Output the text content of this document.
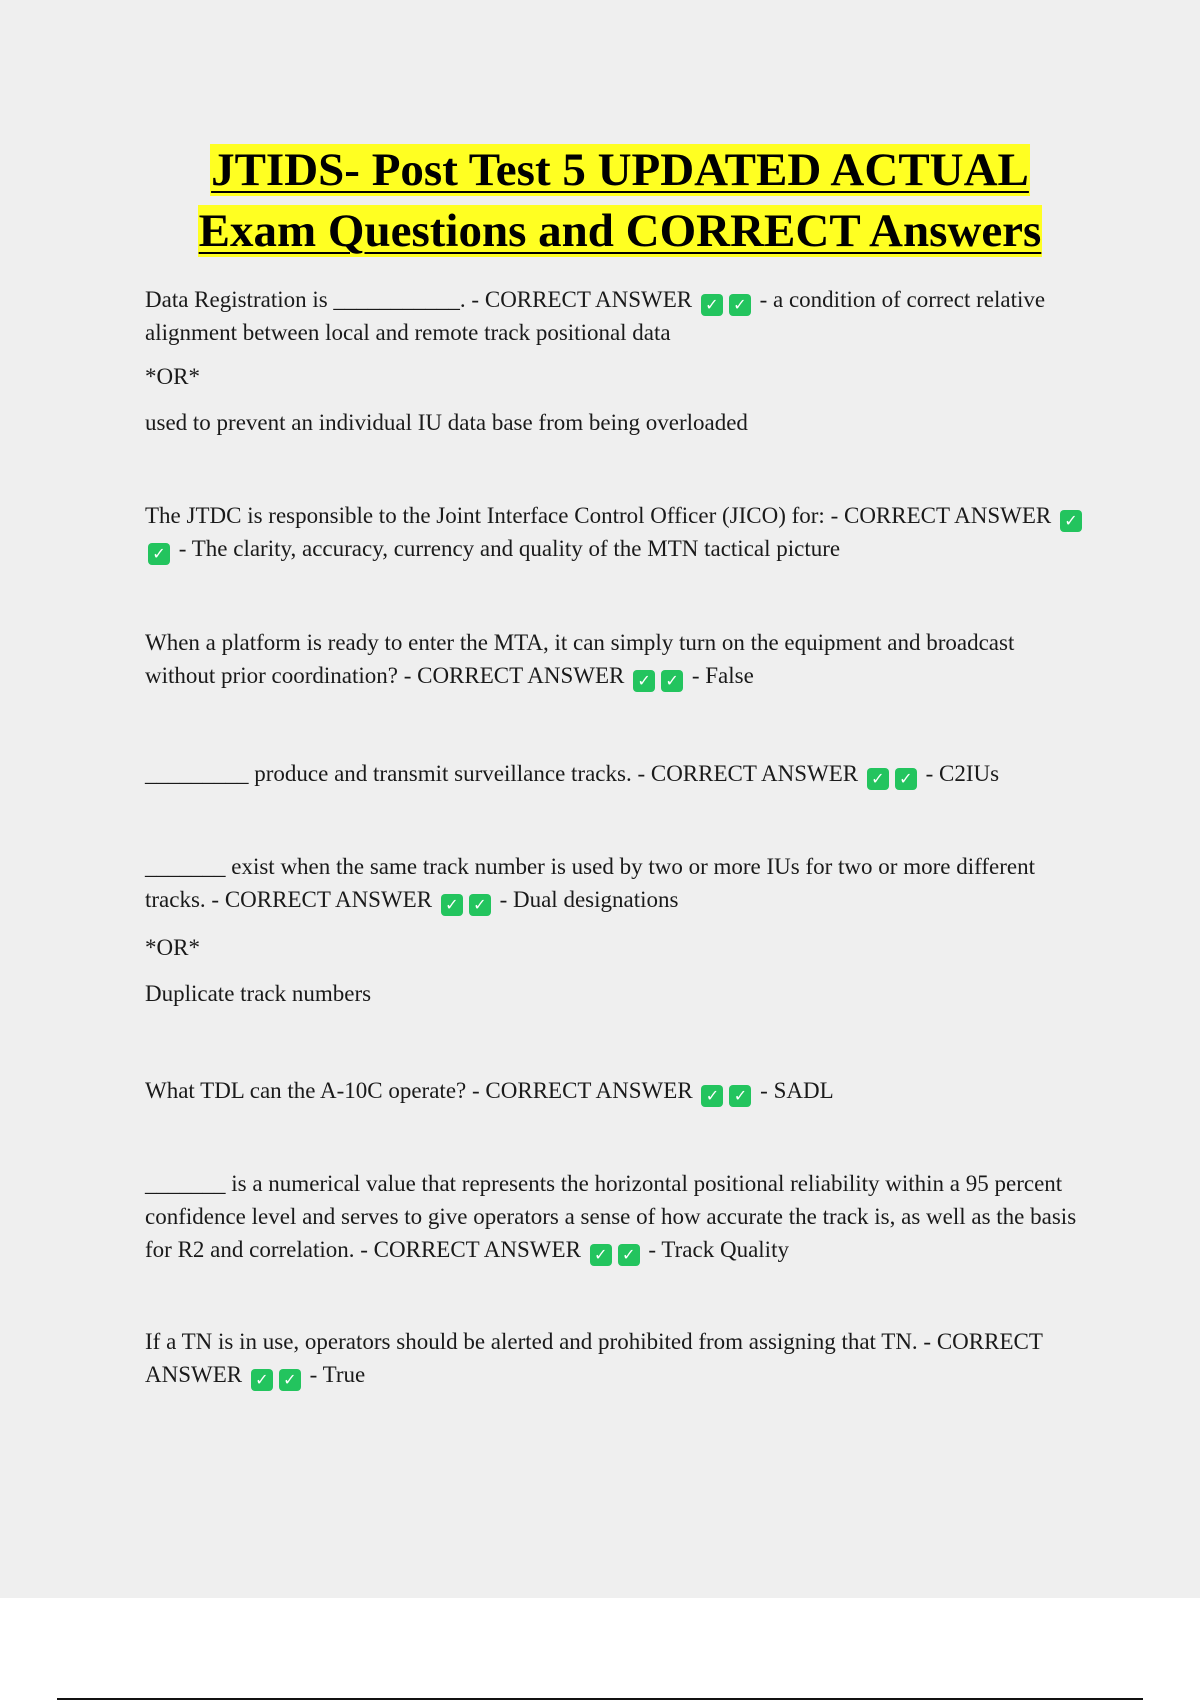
JTIDS- Post Test 5 UPDATED ACTUAL
Exam Questions and CORRECT Answers

Data Registration is ___________. - CORRECT ANSWER ✓ ✓ - a condition of correct relative alignment between local and remote track positional data

*OR*

used to prevent an individual IU data base from being overloaded

The JTDC is responsible to the Joint Interface Control Officer (JICO) for: - CORRECT ANSWER ✓✓ - The clarity, accuracy, currency and quality of the MTN tactical picture

When a platform is ready to enter the MTA, it can simply turn on the equipment and broadcast without prior coordination? - CORRECT ANSWER ✓ ✓ - False

_________ produce and transmit surveillance tracks. - CORRECT ANSWER ✓ ✓ - C2IUs

_______ exist when the same track number is used by two or more IUs for two or more different tracks. - CORRECT ANSWER ✓ ✓ - Dual designations

*OR*

Duplicate track numbers

What TDL can the A-10C operate? - CORRECT ANSWER ✓ ✓ - SADL

_______ is a numerical value that represents the horizontal positional reliability within a 95 percent confidence level and serves to give operators a sense of how accurate the track is, as well as the basis for R2 and correlation. - CORRECT ANSWER ✓ ✓ - Track Quality

If a TN is in use, operators should be alerted and prohibited from assigning that TN. - CORRECT ANSWER ✓ ✓ - True
